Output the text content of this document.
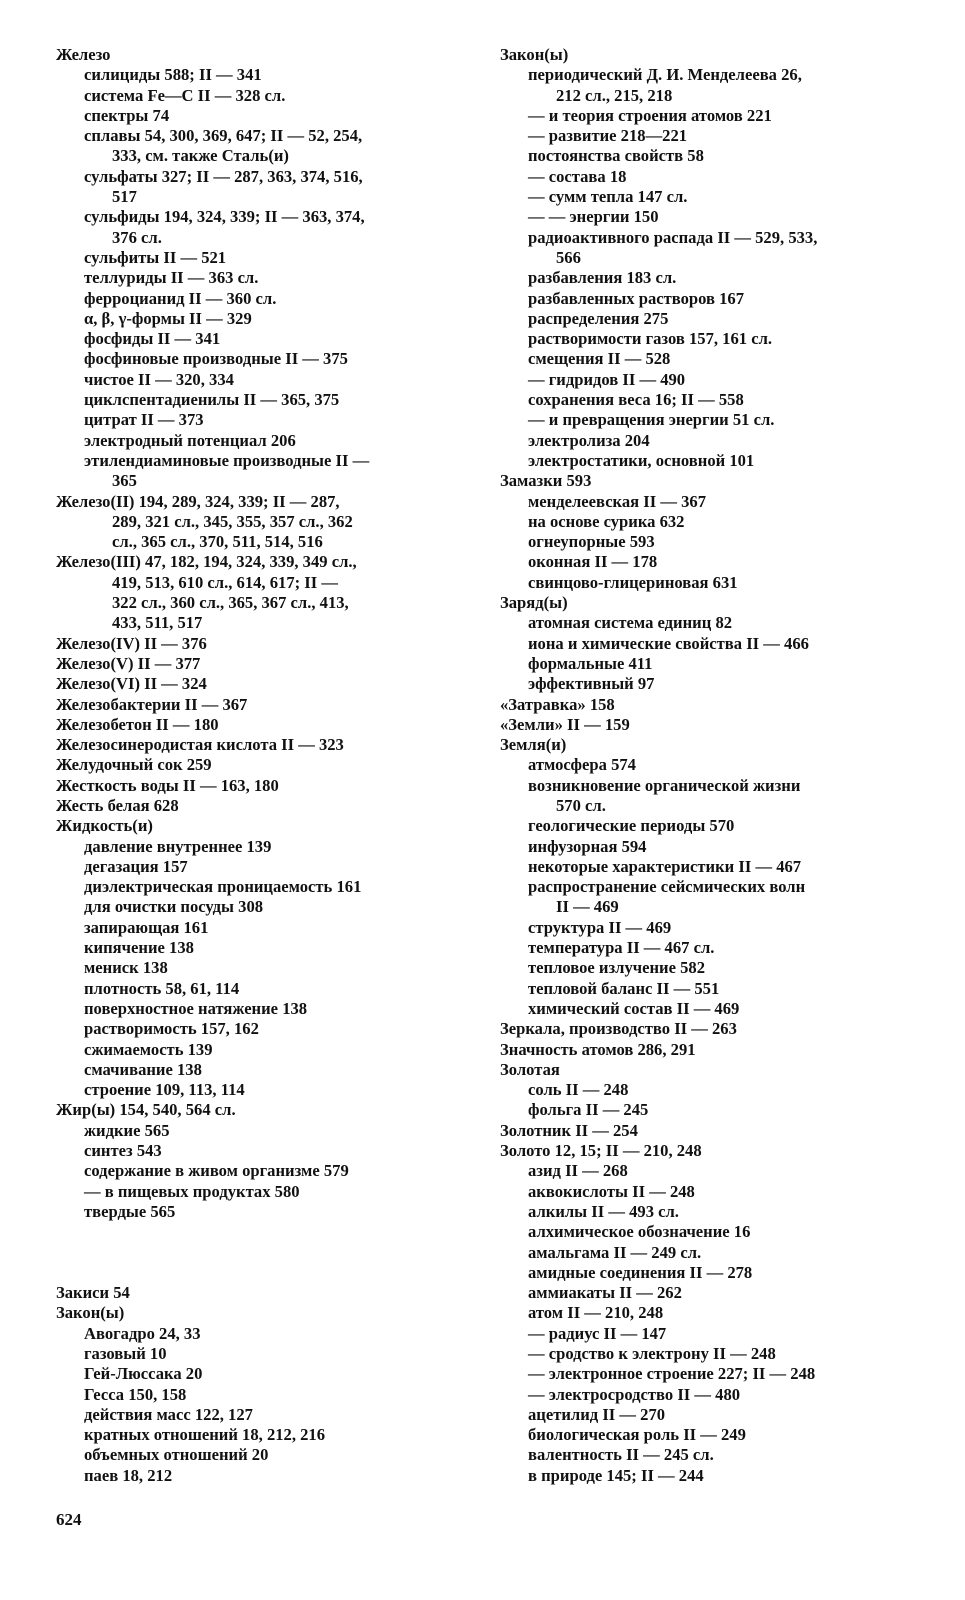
Железо
силициды 588; II — 341
система Fe—C II — 328 сл.
спектры 74
сплавы 54, 300, 369, 647; II — 52, 254,
333, см. также Сталь(и)
сульфаты 327; II — 287, 363, 374, 516,
517
сульфиды 194, 324, 339; II — 363, 374,
376 сл.
сульфиты II — 521
теллуриды II — 363 сл.
ферроцианид II — 360 сл.
α, β, γ-формы II — 329
фосфиды II — 341
фосфиновые производные II — 375
чистое II — 320, 334
циклспентадиенилы II — 365, 375
цитрат II — 373
электродный потенциал 206
этилендиаминовые производные II —
365
Железо(II) 194, 289, 324, 339; II — 287,
289, 321 сл., 345, 355, 357 сл., 362
сл., 365 сл., 370, 511, 514, 516
Железо(III) 47, 182, 194, 324, 339, 349 сл.,
419, 513, 610 сл., 614, 617; II —
322 сл., 360 сл., 365, 367 сл., 413,
433, 511, 517
Железо(IV) II — 376
Железо(V) II — 377
Железо(VI) II — 324
Железобактерии II — 367
Железобетон II — 180
Железосинеродистая кислота II — 323
Желудочный сок 259
Жесткость воды II — 163, 180
Жесть белая 628
Жидкость(и)
давление внутреннее 139
дегазация 157
диэлектрическая проницаемость 161
для очистки посуды 308
запирающая 161
кипячение 138
мениск 138
плотность 58, 61, 114
поверхностное натяжение 138
растворимость 157, 162
сжимаемость 139
смачивание 138
строение 109, 113, 114
Жир(ы) 154, 540, 564 сл.
жидкие 565
синтез 543
содержание в живом организме 579
— в пищевых продуктах 580
твердые 565
Закиси 54
Закон(ы)
Авогадро 24, 33
газовый 10
Гей-Люссака 20
Гесса 150, 158
действия масс 122, 127
кратных отношений 18, 212, 216
объемных отношений 20
паев 18, 212
Закон(ы)
периодический Д. И. Менделеева 26,
212 сл., 215, 218
— и теория строения атомов 221
— развитие 218—221
постоянства свойств 58
— состава 18
— сумм тепла 147 сл.
— — энергии 150
радиоактивного распада II — 529, 533,
566
разбавления 183 сл.
разбавленных растворов 167
распределения 275
растворимости газов 157, 161 сл.
смещения II — 528
— гидридов II — 490
сохранения веса 16; II — 558
— и превращения энергии 51 сл.
электролиза 204
электростатики, основной 101
Замазки 593
менделеевская II — 367
на основе сурика 632
огнеупорные 593
оконная II — 178
свинцово-глицериновая 631
Заряд(ы)
атомная система единиц 82
иона и химические свойства II — 466
формальные 411
эффективный 97
«Затравка» 158
«Земли» II — 159
Земля(и)
атмосфера 574
возникновение органической жизни
570 сл.
геологические периоды 570
инфузорная 594
некоторые характеристики II — 467
распространение сейсмических волн
II — 469
структура II — 469
температура II — 467 сл.
тепловое излучение 582
тепловой баланс II — 551
химический состав II — 469
Зеркала, производство II — 263
Значность атомов 286, 291
Золотая
соль II — 248
фольга II — 245
Золотник II — 254
Золото 12, 15; II — 210, 248
азид II — 268
аквокислоты II — 248
алкилы II — 493 сл.
алхимическое обозначение 16
амальгама II — 249 сл.
амидные соединения II — 278
аммиакаты II — 262
атом II — 210, 248
— радиус II — 147
— сродство к электрону II — 248
— электронное строение 227; II — 248
— электросродство II — 480
ацетилид II — 270
биологическая роль II — 249
валентность II — 245 сл.
в природе 145; II — 244
624
